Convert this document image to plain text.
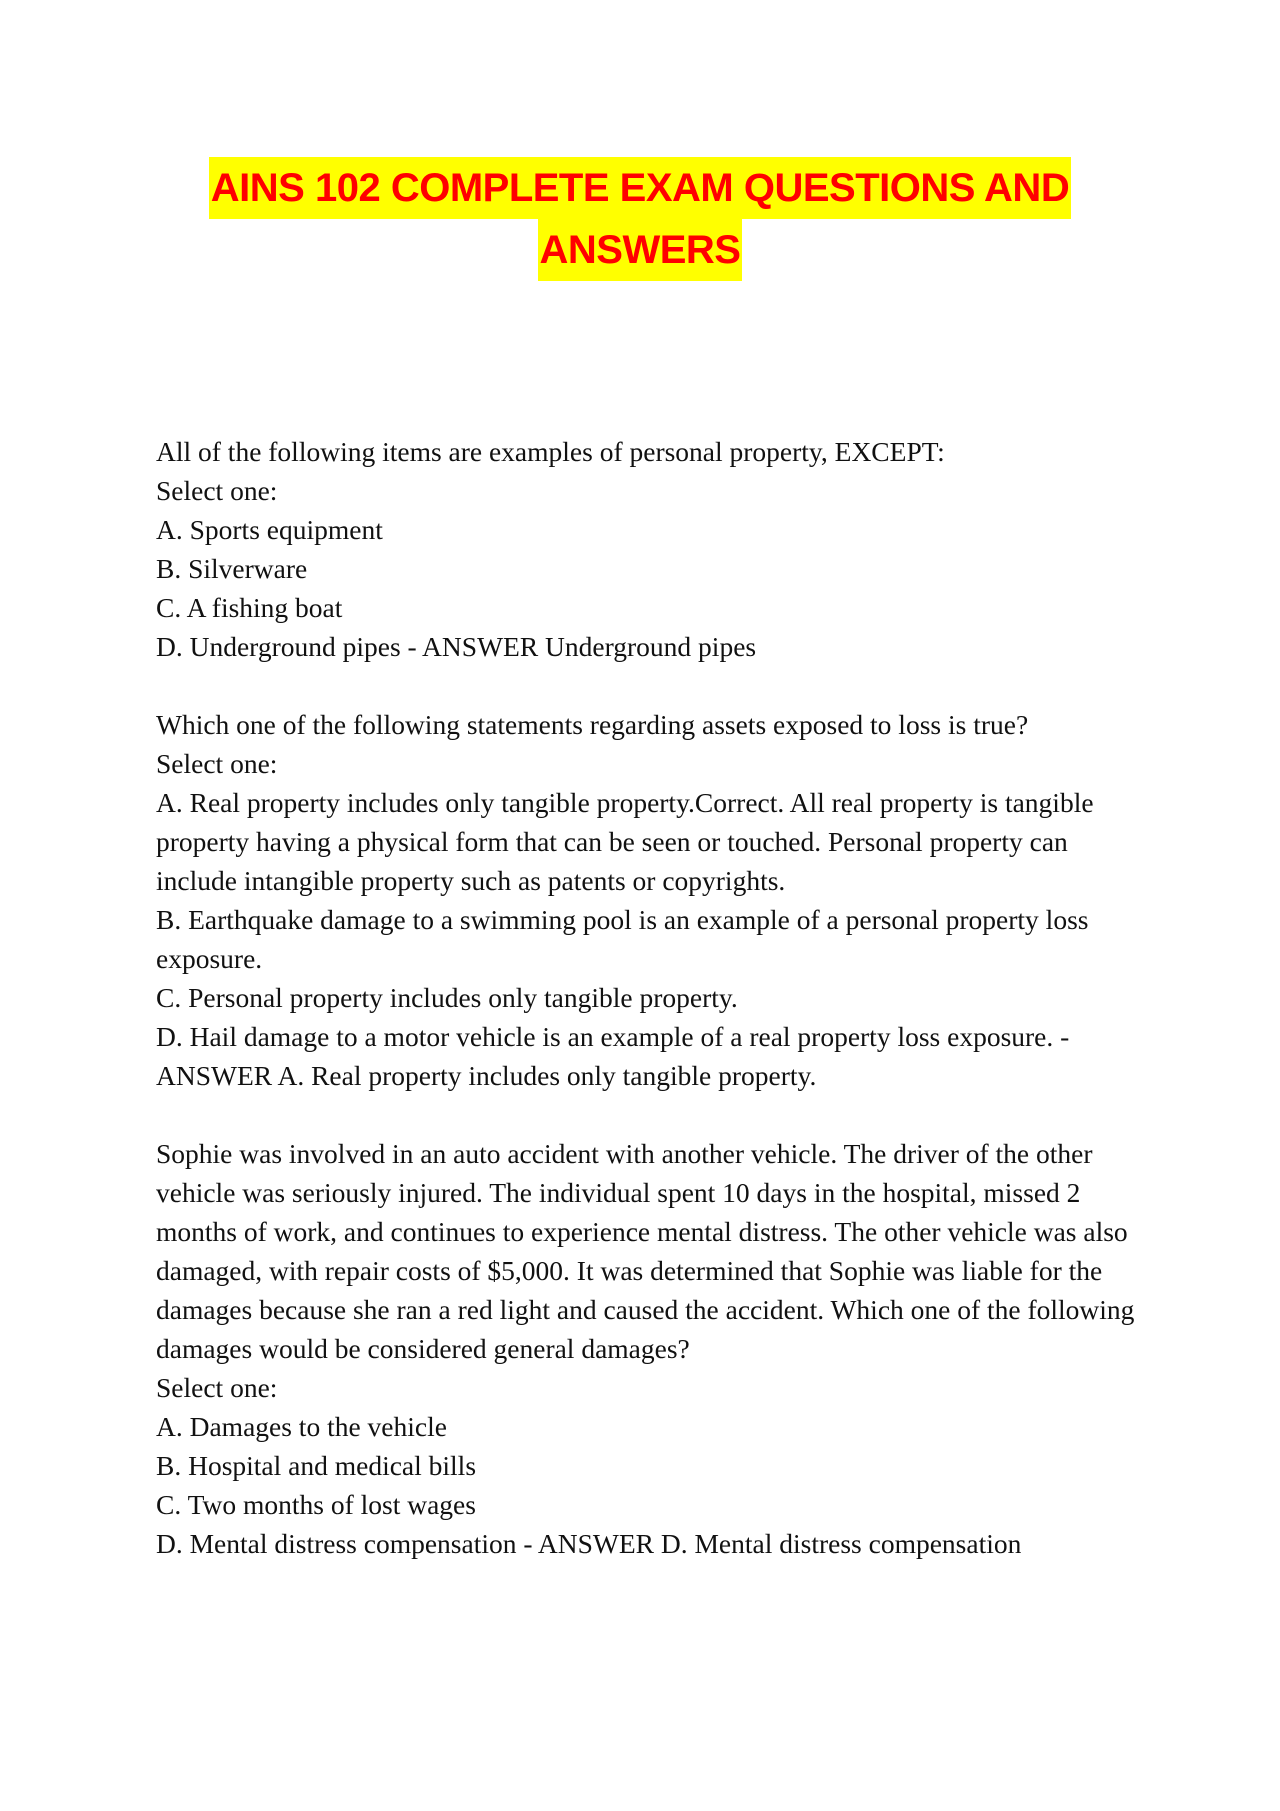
AINS 102 COMPLETE EXAM QUESTIONS AND
ANSWERS

All of the following items are examples of personal property, EXCEPT:

Select one:

A. Sports equipment

B. Silverware

C. A fishing boat

D. Underground pipes - ANSWER Underground pipes

Which one of the following statements regarding assets exposed to loss is true?

Select one:

A. Real property includes only tangible property.Correct. All real property is tangible property having a physical form that can be seen or touched. Personal property can include intangible property such as patents or copyrights.

B. Earthquake damage to a swimming pool is an example of a personal property loss exposure.

C. Personal property includes only tangible property.

D. Hail damage to a motor vehicle is an example of a real property loss exposure. - ANSWER A. Real property includes only tangible property.

Sophie was involved in an auto accident with another vehicle. The driver of the other vehicle was seriously injured. The individual spent 10 days in the hospital, missed 2 months of work, and continues to experience mental distress. The other vehicle was also damaged, with repair costs of $5,000. It was determined that Sophie was liable for the damages because she ran a red light and caused the accident. Which one of the following damages would be considered general damages?

Select one:

A. Damages to the vehicle

B. Hospital and medical bills

C. Two months of lost wages

D. Mental distress compensation - ANSWER D. Mental distress compensation
